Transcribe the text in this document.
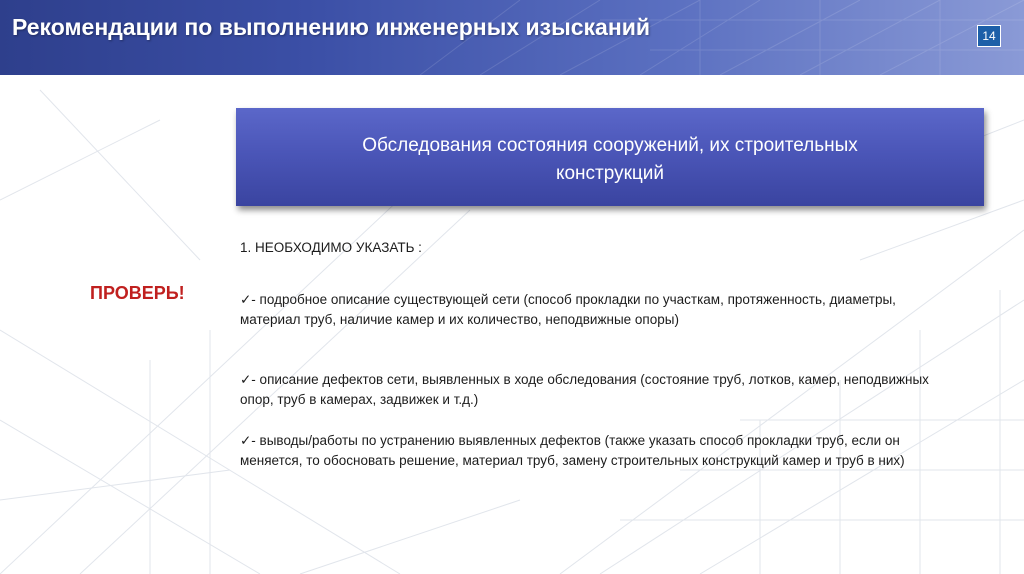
Рекомендации по выполнению инженерных изысканий	14
Обследования состояния сооружений, их строительных
конструкций
ПРОВЕРЬ!
1. НЕОБХОДИМО УКАЗАТЬ :
✓- подробное описание существующей сети (способ прокладки по участкам, протяженность, диаметры, материал труб, наличие камер и их количество, неподвижные опоры)
✓- описание дефектов сети, выявленных в ходе обследования (состояние труб, лотков, камер, неподвижных опор, труб в камерах, задвижек и т.д.)
✓- выводы/работы по устранению выявленных дефектов (также указать способ прокладки труб, если он меняется, то обосновать решение, материал труб, замену строительных конструкций камер и труб в них)
